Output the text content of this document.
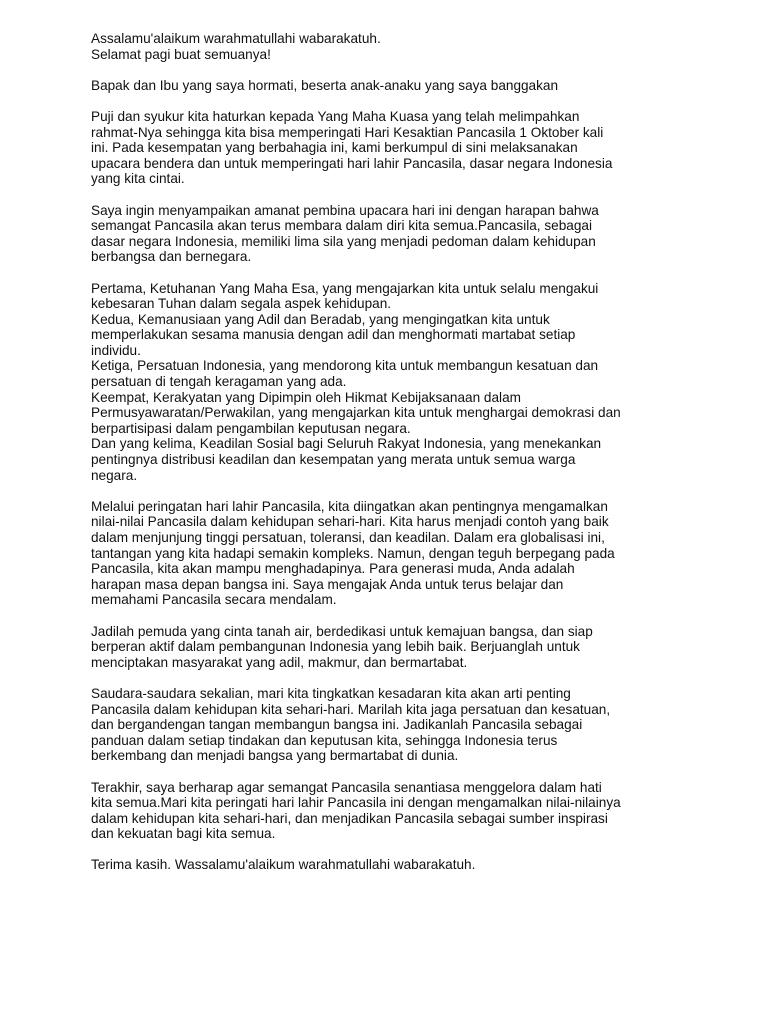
Assalamu'alaikum warahmatullahi wabarakatuh.
Selamat pagi buat semuanya!
Bapak dan Ibu yang saya hormati, beserta anak-anaku yang saya banggakan
Puji dan syukur kita haturkan kepada Yang Maha Kuasa yang telah melimpahkan
rahmat-Nya sehingga kita bisa memperingati Hari Kesaktian Pancasila 1 Oktober kali
ini. Pada kesempatan yang berbahagia ini, kami berkumpul di sini melaksanakan
upacara bendera dan untuk memperingati hari lahir Pancasila, dasar negara Indonesia
yang kita cintai.
Saya ingin menyampaikan amanat pembina upacara hari ini dengan harapan bahwa
semangat Pancasila akan terus membara dalam diri kita semua.Pancasila, sebagai
dasar negara Indonesia, memiliki lima sila yang menjadi pedoman dalam kehidupan
berbangsa dan bernegara.
Pertama, Ketuhanan Yang Maha Esa, yang mengajarkan kita untuk selalu mengakui
kebesaran Tuhan dalam segala aspek kehidupan.
Kedua, Kemanusiaan yang Adil dan Beradab, yang mengingatkan kita untuk
memperlakukan sesama manusia dengan adil dan menghormati martabat setiap
individu.
Ketiga, Persatuan Indonesia, yang mendorong kita untuk membangun kesatuan dan
persatuan di tengah keragaman yang ada.
Keempat, Kerakyatan yang Dipimpin oleh Hikmat Kebijaksanaan dalam
Permusyawaratan/Perwakilan, yang mengajarkan kita untuk menghargai demokrasi dan
berpartisipasi dalam pengambilan keputusan negara.
Dan yang kelima, Keadilan Sosial bagi Seluruh Rakyat Indonesia, yang menekankan
pentingnya distribusi keadilan dan kesempatan yang merata untuk semua warga
negara.
Melalui peringatan hari lahir Pancasila, kita diingatkan akan pentingnya mengamalkan
nilai-nilai Pancasila dalam kehidupan sehari-hari. Kita harus menjadi contoh yang baik
dalam menjunjung tinggi persatuan, toleransi, dan keadilan. Dalam era globalisasi ini,
tantangan yang kita hadapi semakin kompleks. Namun, dengan teguh berpegang pada
Pancasila, kita akan mampu menghadapinya. Para generasi muda, Anda adalah
harapan masa depan bangsa ini. Saya mengajak Anda untuk terus belajar dan
memahami Pancasila secara mendalam.
Jadilah pemuda yang cinta tanah air, berdedikasi untuk kemajuan bangsa, dan siap
berperan aktif dalam pembangunan Indonesia yang lebih baik. Berjuanglah untuk
menciptakan masyarakat yang adil, makmur, dan bermartabat.
Saudara-saudara sekalian, mari kita tingkatkan kesadaran kita akan arti penting
Pancasila dalam kehidupan kita sehari-hari. Marilah kita jaga persatuan dan kesatuan,
dan bergandengan tangan membangun bangsa ini. Jadikanlah Pancasila sebagai
panduan dalam setiap tindakan dan keputusan kita, sehingga Indonesia terus
berkembang dan menjadi bangsa yang bermartabat di dunia.
Terakhir, saya berharap agar semangat Pancasila senantiasa menggelora dalam hati
kita semua.Mari kita peringati hari lahir Pancasila ini dengan mengamalkan nilai-nilainya
dalam kehidupan kita sehari-hari, dan menjadikan Pancasila sebagai sumber inspirasi
dan kekuatan bagi kita semua.
Terima kasih. Wassalamu'alaikum warahmatullahi wabarakatuh.
